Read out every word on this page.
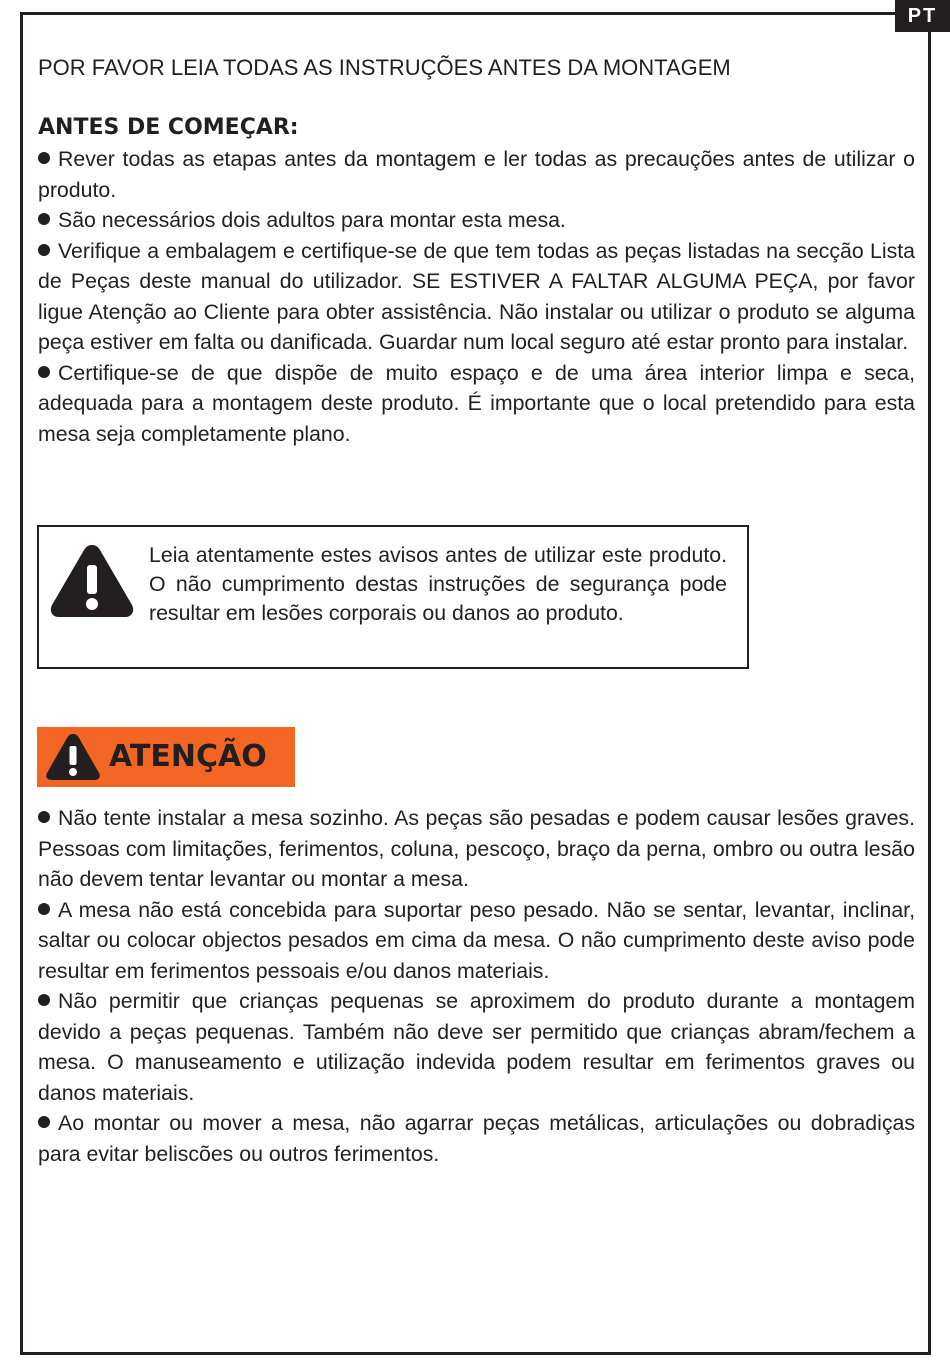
PT
POR FAVOR LEIA TODAS AS INSTRUÇÕES ANTES DA MONTAGEM
ANTES DE COMEÇAR:

Rever todas as etapas antes da montagem e ler todas as precauções antes de utilizar o produto.

São necessários dois adultos para montar esta mesa.

Verifique a embalagem e certifique-se de que tem todas as peças listadas na secção Lista de Peças deste manual do utilizador. SE ESTIVER A FALTAR ALGUMA PEÇA, por favor ligue Atenção ao Cliente para obter assistência. Não instalar ou utilizar o produto se alguma peça estiver em falta ou danificada. Guardar num local seguro até estar pronto para instalar.

Certifique-se de que dispõe de muito espaço e de uma área interior limpa e seca, adequada para a montagem deste produto. É importante que o local pretendido para esta mesa seja completamente plano.

Leia atentamente estes avisos antes de utilizar este produto. O não cumprimento destas instruções de segurança pode resultar em lesões corporais ou danos ao produto.
ATENÇÃO

Não tente instalar a mesa sozinho. As peças são pesadas e podem causar lesões graves. Pessoas com limitações, ferimentos, coluna, pescoço, braço da perna, ombro ou outra lesão não devem tentar levantar ou montar a mesa.

A mesa não está concebida para suportar peso pesado. Não se sentar, levantar, inclinar, saltar ou colocar objectos pesados em cima da mesa. O não cumprimento deste aviso pode resultar em ferimentos pessoais e/ou danos materiais.

Não permitir que crianças pequenas se aproximem do produto durante a montagem devido a peças pequenas. Também não deve ser permitido que crianças abram/fechem a mesa. O manuseamento e utilização indevida podem resultar em ferimentos graves ou danos materiais.

Ao montar ou mover a mesa, não agarrar peças metálicas, articulações ou dobradiças para evitar beliscões ou outros ferimentos.
